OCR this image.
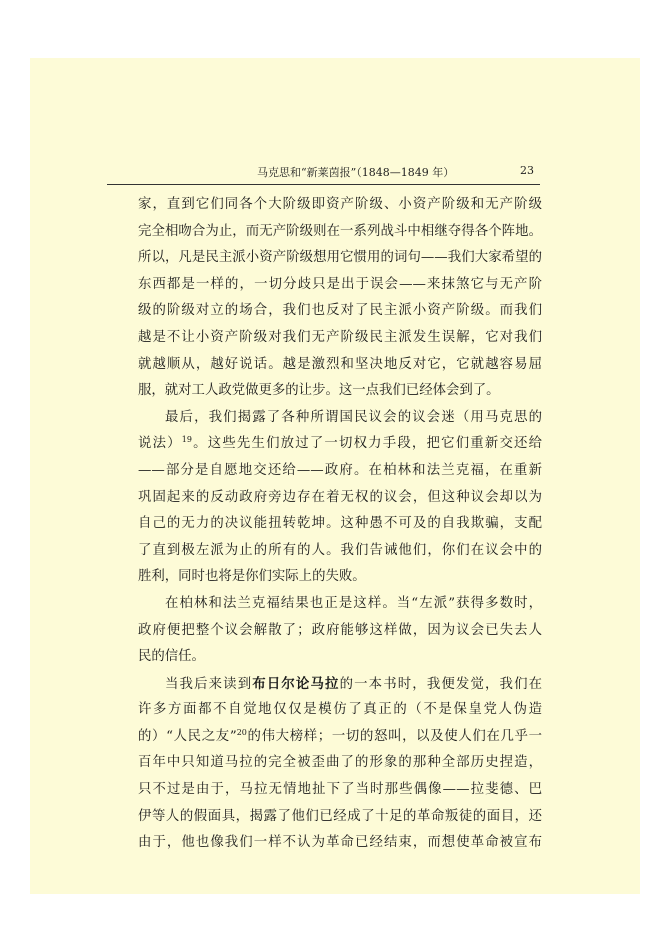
马克思和“新莱茵报”（1848—1849 年）	23
家，直到它们同各个大阶级即资产阶级、小资产阶级和无产阶级
完全相吻合为止，而无产阶级则在一系列战斗中相继夺得各个阵地。
所以，凡是民主派小资产阶级想用它惯用的词句——我们大家希望的
东西都是一样的，一切分歧只是出于误会——来抹煞它与无产阶
级的阶级对立的场合，我们也反对了民主派小资产阶级。而我们
越是不让小资产阶级对我们无产阶级民主派发生误解，它对我们
就越顺从，越好说话。越是激烈和坚决地反对它，它就越容易屈
服，就对工人政党做更多的让步。这一点我们已经体会到了。
最后，我们揭露了各种所谓国民议会的议会迷（用马克思的
说法）$^{19}$。这些先生们放过了一切权力手段，把它们重新交还给
——部分是自愿地交还给——政府。在柏林和法兰克福，在重新
巩固起来的反动政府旁边存在着无权的议会，但这种议会却以为
自己的无力的决议能扭转乾坤。这种愚不可及的自我欺骗，支配
了直到极左派为止的所有的人。我们告诫他们，你们在议会中的
胜利，同时也将是你们实际上的失败。
在柏林和法兰克福结果也正是这样。当“左派”获得多数时，
政府便把整个议会解散了；政府能够这样做，因为议会已失去人
民的信任。
当我后来读到布日尔论马拉的一本书时，我便发觉，我们在
许多方面都不自觉地仅仅是模仿了真正的（不是保皇党人伪造
的）“人民之友”$^{20}$的伟大榜样；一切的怒叫，以及使人们在几乎一
百年中只知道马拉的完全被歪曲了的形象的那种全部历史捏造，
只不过是由于，马拉无情地扯下了当时那些偶像——拉斐德、巴
伊等人的假面具，揭露了他们已经成了十足的革命叛徒的面目，还
由于，他也像我们一样不认为革命已经结束，而想使革命被宣布
